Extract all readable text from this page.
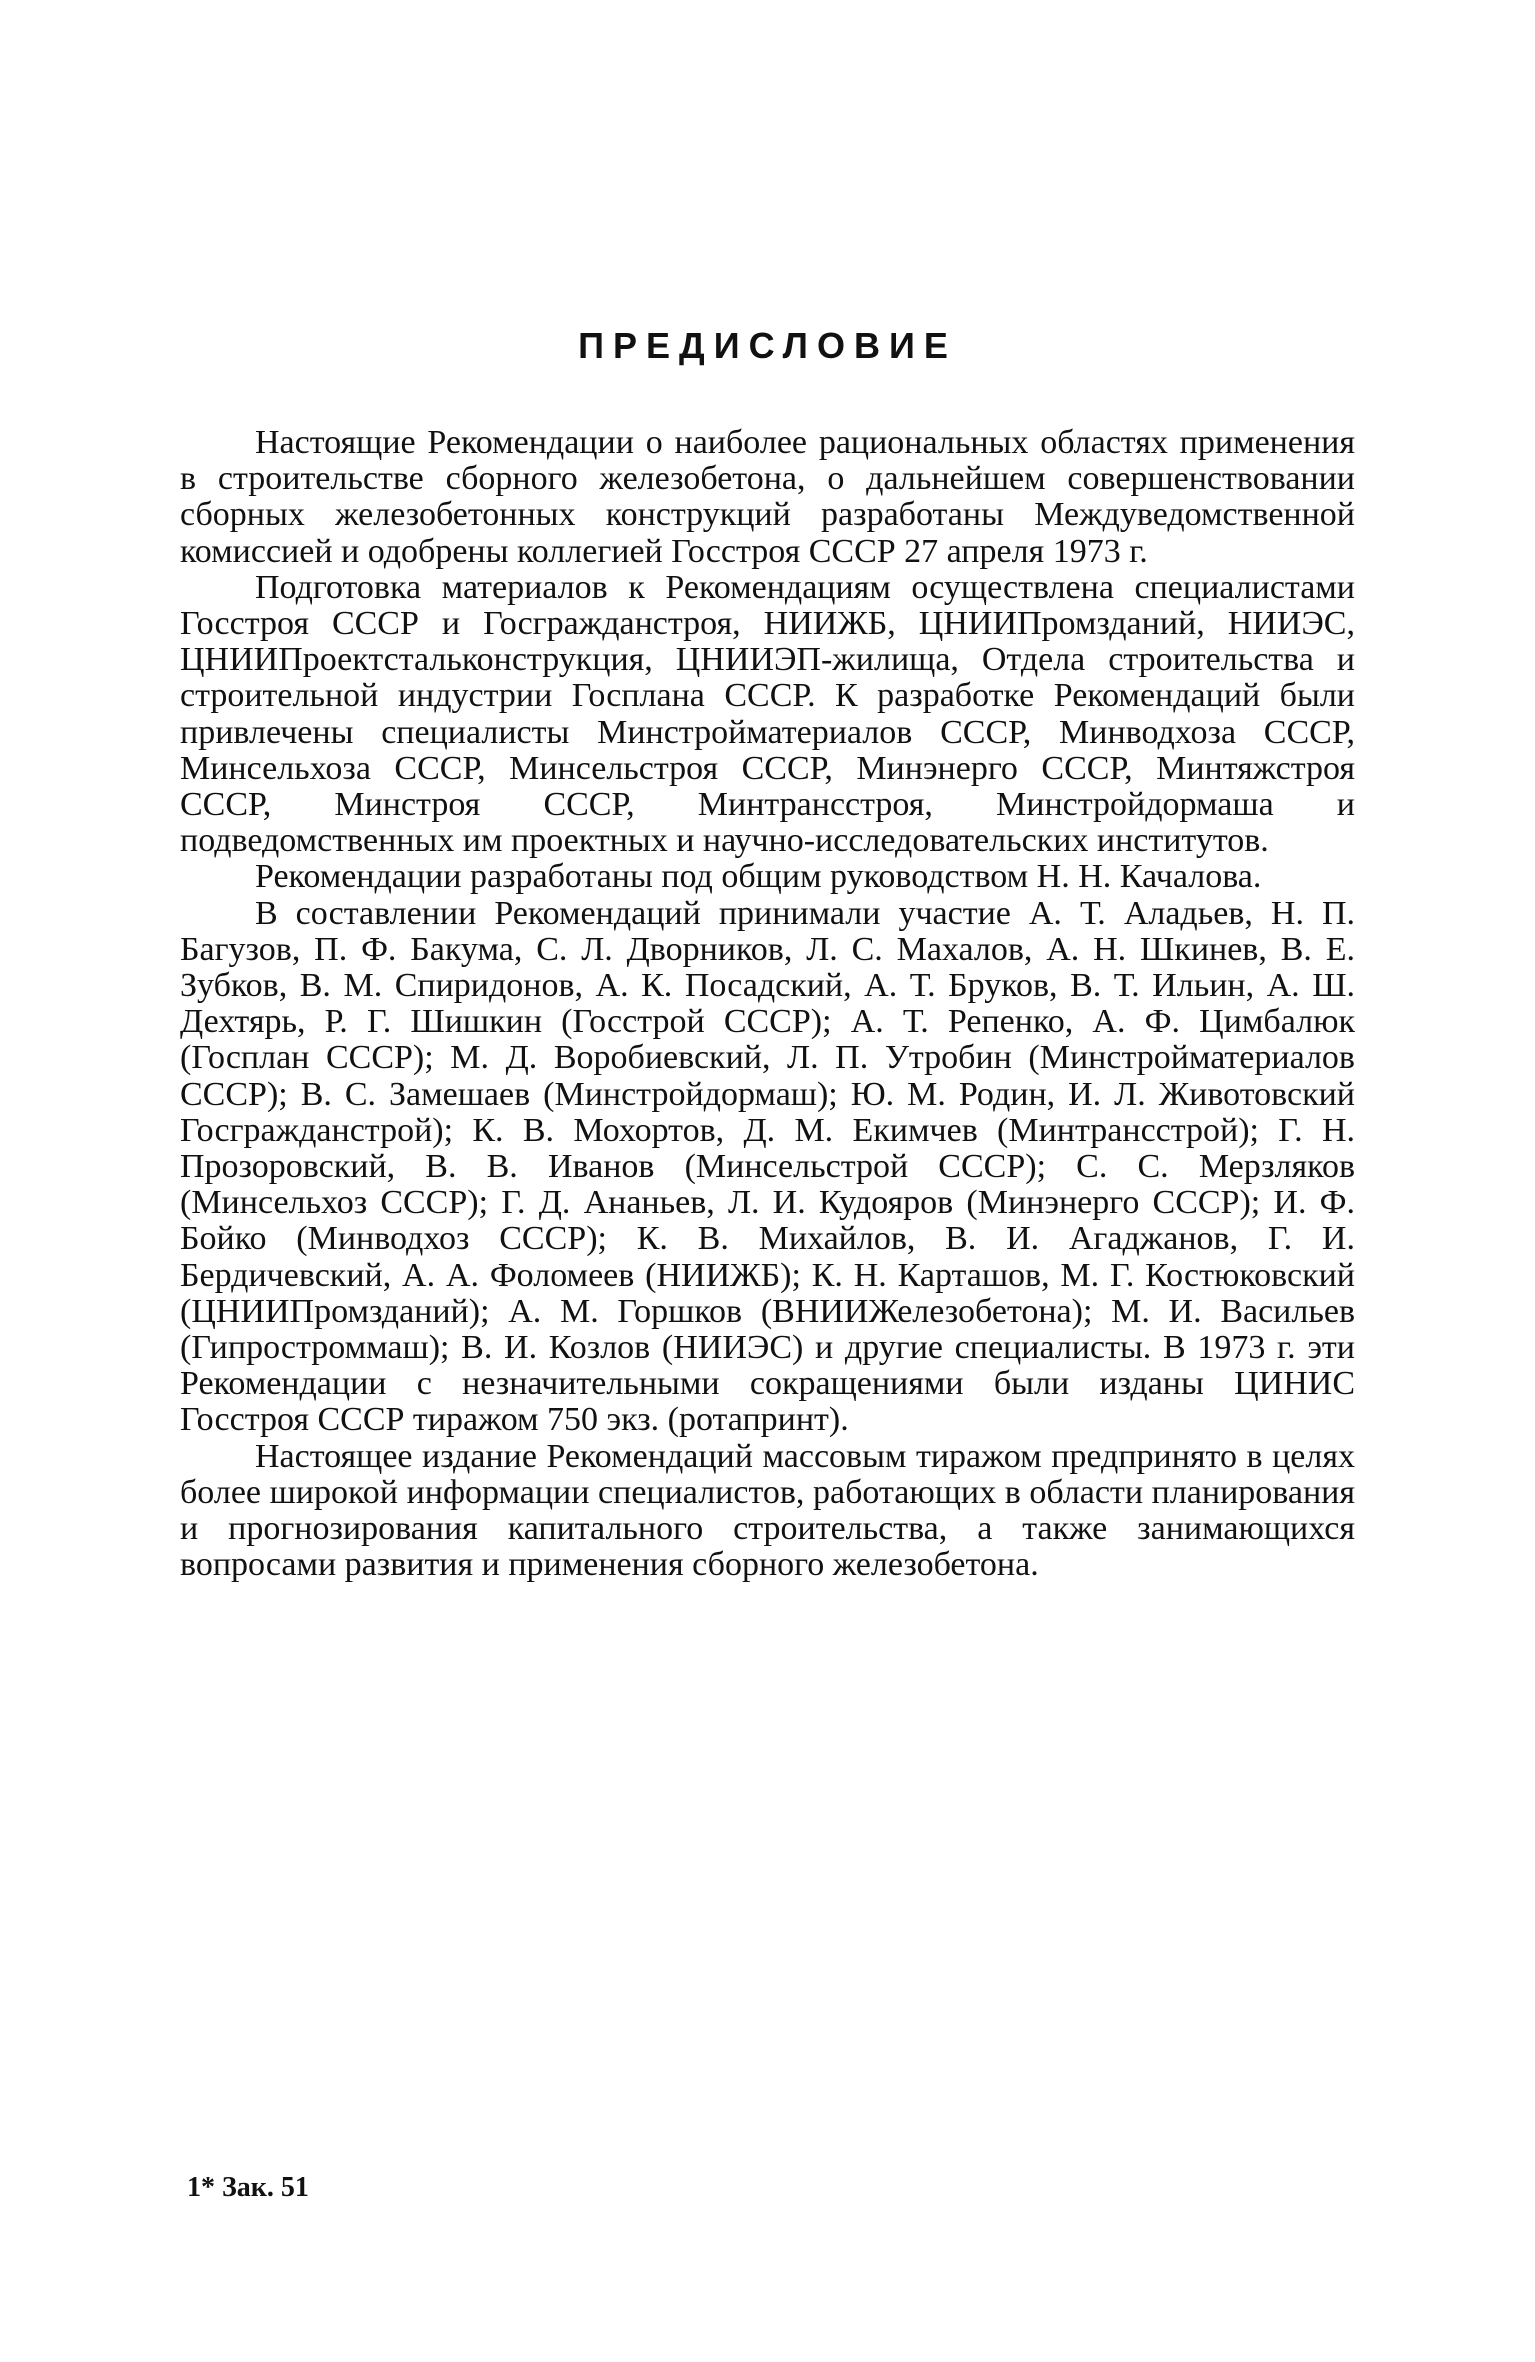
ПРЕДИСЛОВИЕ

Настоящие Рекомендации о наиболее рациональных областях применения в строительстве сборного железобетона, о дальнейшем совершенствовании сборных железобетонных конструкций разработаны Междуведомственной комиссией и одобрены коллегией Госстроя СССР 27 апреля 1973 г.

Подготовка материалов к Рекомендациям осуществлена специалистами Госстроя СССР и Госгражданстроя, НИИЖБ, ЦНИИПромзданий, НИИЭС, ЦНИИПроектстальконструкция, ЦНИИЭП-жилища, Отдела строительства и строительной индустрии Госплана СССР. К разработке Рекомендаций были привлечены специалисты Минстройматериалов СССР, Минводхоза СССР, Минсельхоза СССР, Минсельстроя СССР, Минэнерго СССР, Минтяжстроя СССР, Минстроя СССР, Минтрансстроя, Минстройдормаша и подведомственных им проектных и научно-исследовательских институтов.

Рекомендации разработаны под общим руководством Н. Н. Качалова.

В составлении Рекомендаций принимали участие А. Т. Аладьев, Н. П. Багузов, П. Ф. Бакума, С. Л. Дворников, Л. С. Махалов, А. Н. Шкинев, В. Е. Зубков, В. М. Спиридонов, А. К. Посадский, А. Т. Бруков, В. Т. Ильин, А. Ш. Дехтярь, Р. Г. Шишкин (Госстрой СССР); А. Т. Репенко, А. Ф. Цимбалюк (Госплан СССР); М. Д. Воробиевский, Л. П. Утробин (Минстройматериалов СССР); В. С. Замешаев (Минстройдормаш); Ю. М. Родин, И. Л. Животовский Госгражданстрой); К. В. Мохортов, Д. М. Екимчев (Минтрансстрой); Г. Н. Прозоровский, В. В. Иванов (Минсельстрой СССР); С. С. Мерзляков (Минсельхоз СССР); Г. Д. Ананьев, Л. И. Кудояров (Минэнерго СССР); И. Ф. Бойко (Минводхоз СССР); К. В. Михайлов, В. И. Агаджанов, Г. И. Бердичевский, А. А. Фоломеев (НИИЖБ); К. Н. Карташов, М. Г. Костюковский (ЦНИИПромзданий); А. М. Горшков (ВНИИЖелезобетона); М. И. Васильев (Гипростроммаш); В. И. Козлов (НИИЭС) и другие специалисты. В 1973 г. эти Рекомендации с незначительными сокращениями были изданы ЦИНИС Госстроя СССР тиражом 750 экз. (ротапринт).

Настоящее издание Рекомендаций массовым тиражом предпринято в целях более широкой информации специалистов, работающих в области планирования и прогнозирования капитального строительства, а также занимающихся вопросами развития и применения сборного железобетона.

1* Зак. 51
